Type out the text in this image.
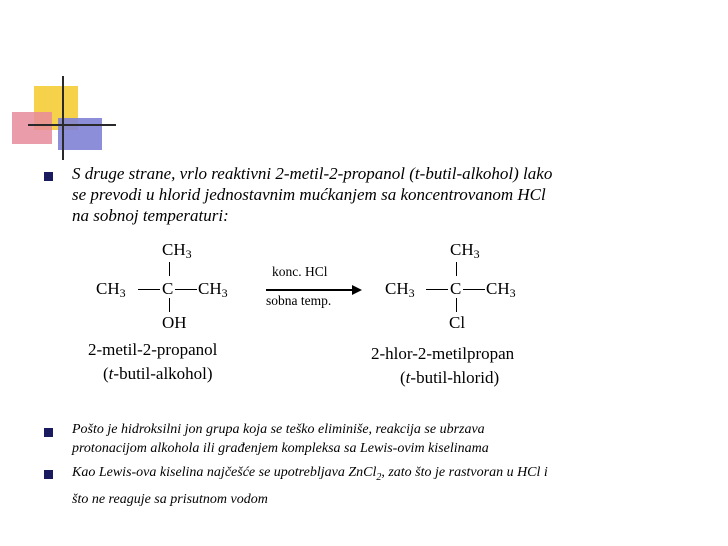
S druge strane, vrlo reaktivni 2-metil-2-propanol (t-butil-alkohol) lako
se prevodi u hlorid jednostavnim mućkanjem sa koncentrovanom HCl
na sobnoj temperaturi:
$CH_3$
$CH_3$ C $CH_3$
OH
2-metil-2-propanol
(t-butil-alkohol)
konc. HCl
sobna temp.
$CH_3$
$CH_3$ C $CH_3$
Cl
2-hlor-2-metilpropan
(t-butil-hlorid)
Pošto je hidroksilni jon grupa koja se teško eliminiše, reakcija se ubrzava
protonacijom alkohola ili građenjem kompleksa sa Lewis-ovim kiselinama
Kao Lewis-ova kiselina najčešće se upotrebljava ZnCl$_2$, zato što je rastvoran u HCl i
što ne reaguje sa prisutnom vodom
